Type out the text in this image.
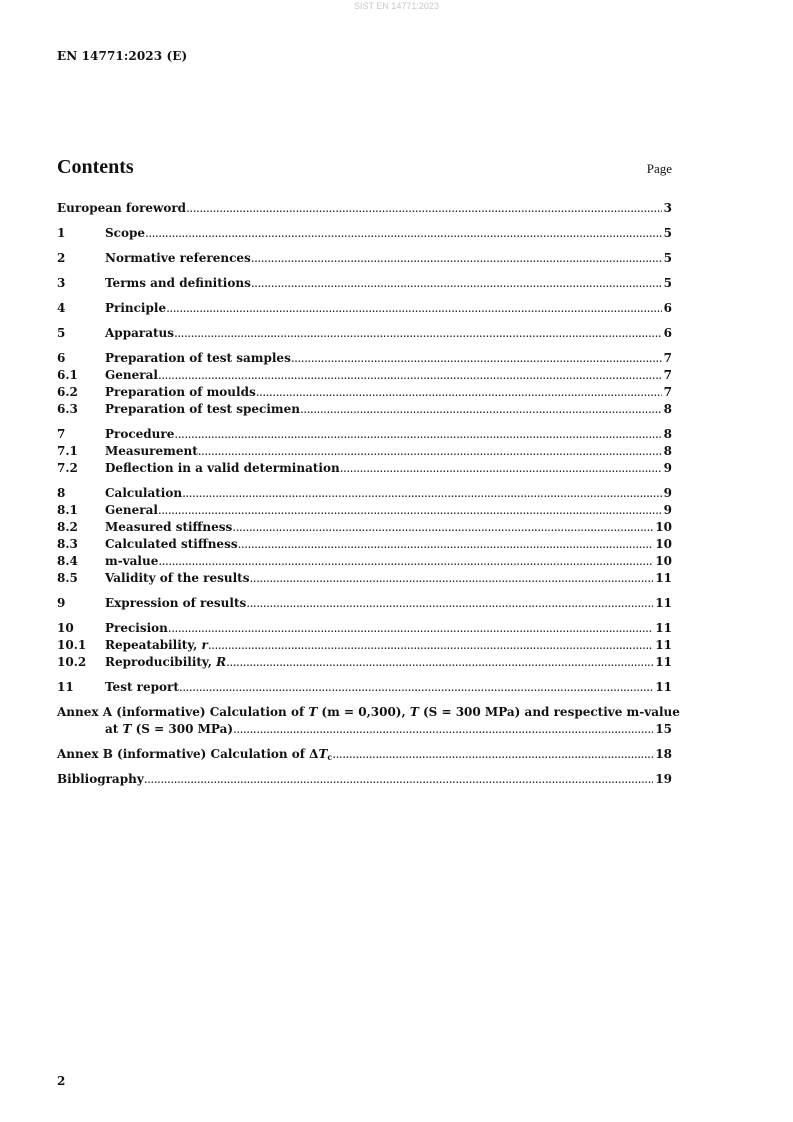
SIST EN 14771:2023
EN 14771:2023 (E)
Contents	Page
European foreword .....	3
1	Scope .....	5
2	Normative references .....	5
3	Terms and definitions .....	5
4	Principle .....	6
5	Apparatus .....	6
6	Preparation of test samples .....	7
6.1	General .....	7
6.2	Preparation of moulds .....	7
6.3	Preparation of test specimen .....	8
7	Procedure .....	8
7.1	Measurement .....	8
7.2	Deflection in a valid determination .....	9
8	Calculation .....	9
8.1	General .....	9
8.2	Measured stiffness .....	10
8.3	Calculated stiffness .....	10
8.4	m-value .....	10
8.5	Validity of the results .....	11
9	Expression of results .....	11
10	Precision .....	11
10.1	Repeatability, r .....	11
10.2	Reproducibility, R .....	11
11	Test report .....	11
Annex A (informative) Calculation of T (m = 0,300), T (S = 300 MPa) and respective m-value
at T (S = 300 MPa) .....	15
Annex B (informative) Calculation of $\Delta T_c$ .....	18
Bibliography .....	19
2
